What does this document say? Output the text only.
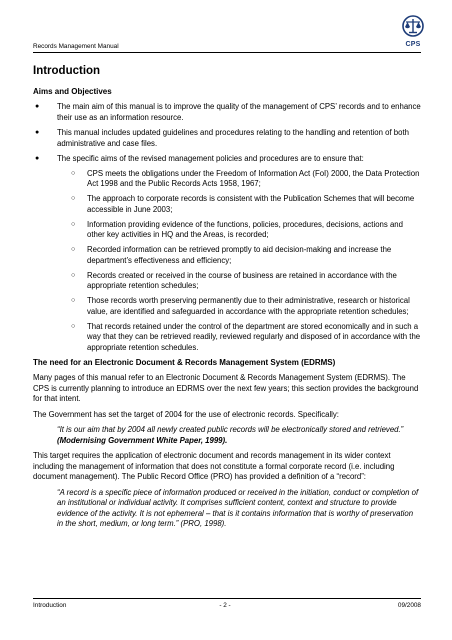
Records Management Manual	CPS
Introduction
Aims and Objectives
● The main aim of this manual is to improve the quality of the management of CPS’ records and to enhance their use as an information resource.
● This manual includes updated guidelines and procedures relating to the handling and retention of both administrative and case files.
● The specific aims of the revised management policies and procedures are to ensure that:
○ CPS meets the obligations under the Freedom of Information Act (FoI) 2000, the Data Protection Act 1998 and the Public Records Acts 1958, 1967;
○ The approach to corporate records is consistent with the Publication Schemes that will become accessible in June 2003;
○ Information providing evidence of the functions, policies, procedures, decisions, actions and other key activities in HQ and the Areas, is recorded;
○ Recorded information can be retrieved promptly to aid decision-making and increase the department’s effectiveness and efficiency;
○ Records created or received in the course of business are retained in accordance with the appropriate retention schedules;
○ Those records worth preserving permanently due to their administrative, research or historical value, are identified and safeguarded in accordance with the appropriate retention schedules;
○ That records retained under the control of the department are stored economically and in such a way that they can be retrieved readily, reviewed regularly and disposed of in accordance with the appropriate retention schedules.
The need for an Electronic Document & Records Management System (EDRMS)

Many pages of this manual refer to an Electronic Document & Records Management System (EDRMS). The CPS is currently planning to introduce an EDRMS over the next few years; this section provides the background for that intent.

The Government has set the target of 2004 for the use of electronic records. Specifically:

“It is our aim that by 2004 all newly created public records will be electronically stored and retrieved.” (Modernising Government White Paper, 1999).

This target requires the application of electronic document and records management in its wider context including the management of information that does not constitute a formal corporate record (i.e. including document management). The Public Record Office (PRO) has provided a definition of a “record”:

“A record is a specific piece of information produced or received in the initiation, conduct or completion of an institutional or individual activity. It comprises sufficient content, context and structure to provide evidence of the activity. It is not ephemeral – that is it contains information that is worthy of preservation in the short, medium, or long term.” (PRO, 1998).
Introduction	- 2 -	09/2008
